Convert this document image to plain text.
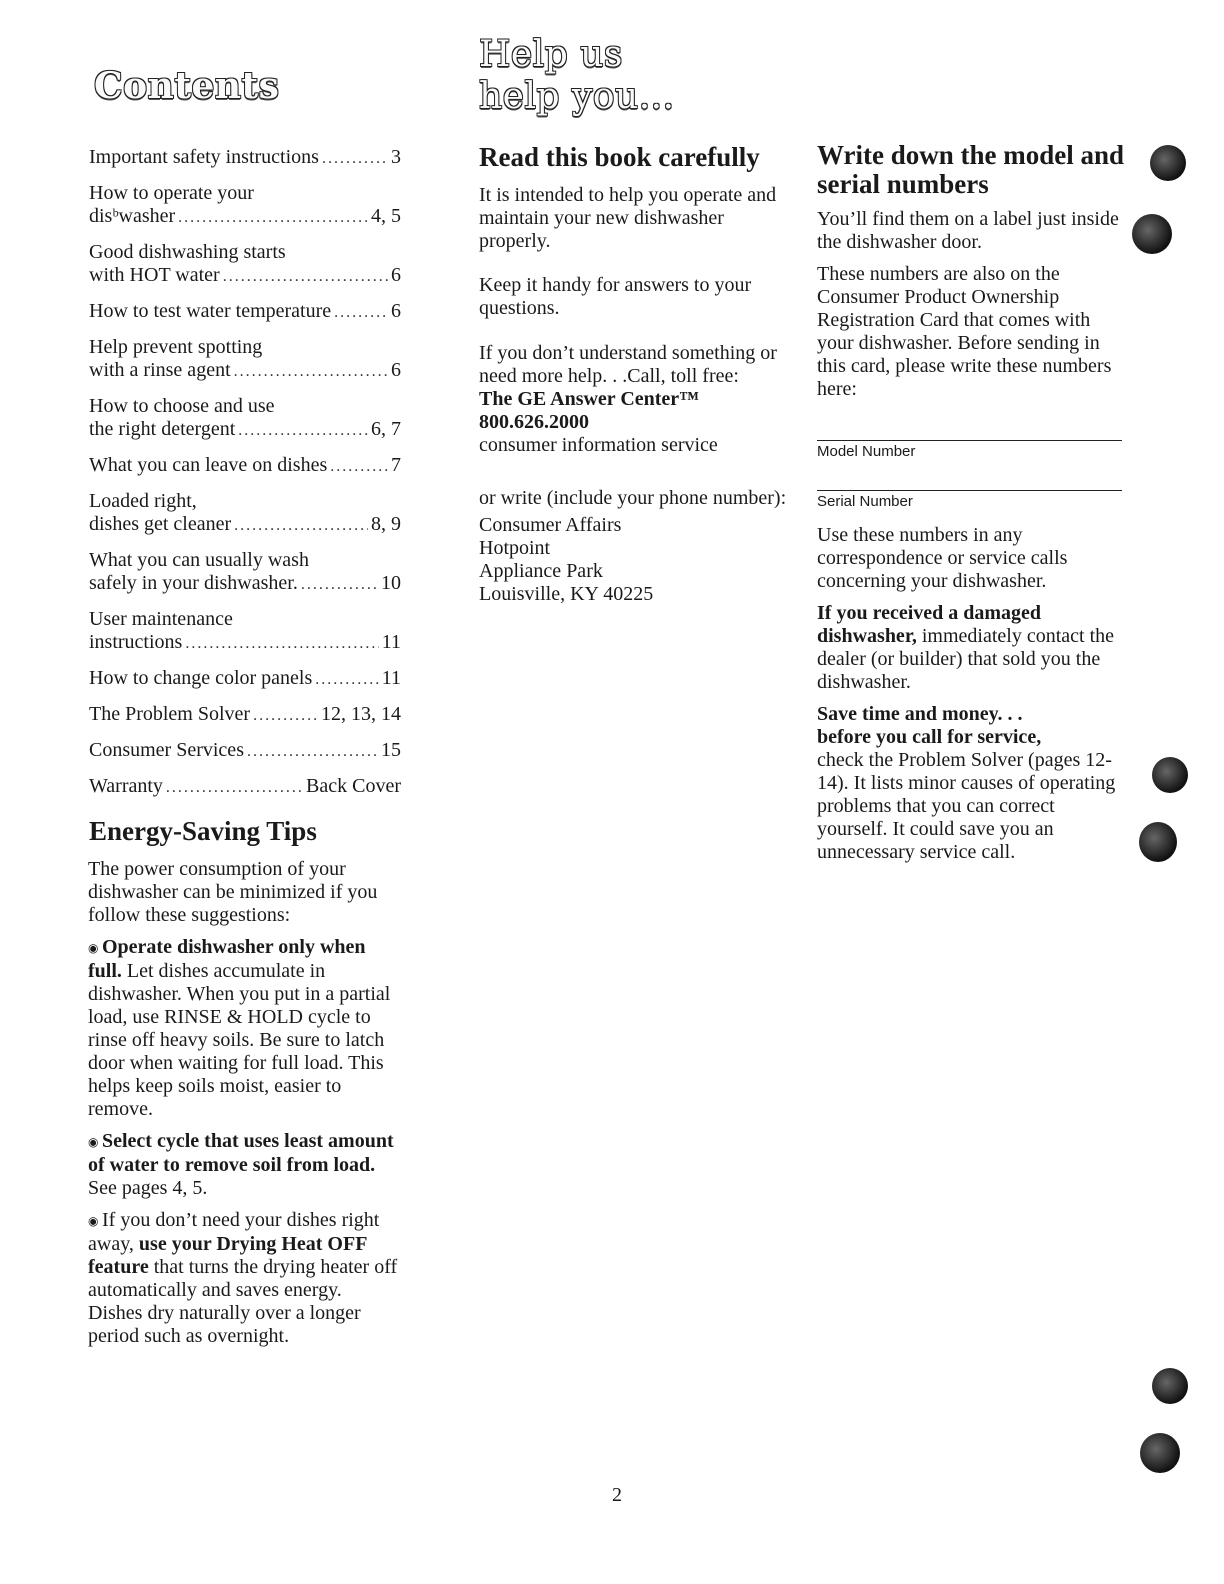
Contents
Important safety instructions .....	3
How to operate your
disᵇwasher .....	4, 5
Good dishwashing starts
with HOT water .....	6
How to test water temperature .....	6
Help prevent spotting
with a rinse agent .....	6
How to choose and use
the right detergent .....	6, 7
What you can leave on dishes .....	7
Loaded right,
dishes get cleaner .....	8, 9
What you can usually wash
safely in your dishwasher. .....	10
User maintenance
instructions .....	11
How to change color panels .....	11
The Problem Solver .....	12, 13, 14
Consumer Services .....	15
Warranty .....	Back Cover
Energy-Saving Tips

The power consumption of your dishwasher can be minimized if you follow these suggestions:

◉ Operate dishwasher only when full. Let dishes accumulate in dishwasher. When you put in a partial load, use RINSE & HOLD cycle to rinse off heavy soils. Be sure to latch door when waiting for full load. This helps keep soils moist, easier to remove.

◉ Select cycle that uses least amount of water to remove soil from load. See pages 4, 5.

◉ If you don’t need your dishes right away, use your Drying Heat OFF feature that turns the drying heater off automatically and saves energy. Dishes dry naturally over a longer period such as overnight.

Help us
help you...
Read this book carefully

It is intended to help you operate and maintain your new dishwasher properly.

Keep it handy for answers to your questions.

If you don’t understand something or need more help. . .Call, toll free:
The GE Answer Center™
800.626.2000
consumer information service

or write (include your phone number):

Consumer Affairs
Hotpoint
Appliance Park
Louisville, KY 40225
Write down the model and serial numbers

You’ll find them on a label just inside the dishwasher door.

These numbers are also on the Consumer Product Ownership Registration Card that comes with your dishwasher. Before sending in this card, please write these numbers here:

Model Number
Serial Number

Use these numbers in any correspondence or service calls concerning your dishwasher.

If you received a damaged dishwasher, immediately contact the dealer (or builder) that sold you the dishwasher.

Save time and money. . .
before you call for service,
check the Problem Solver (pages 12-14). It lists minor causes of operating problems that you can correct yourself. It could save you an unnecessary service call.

2
